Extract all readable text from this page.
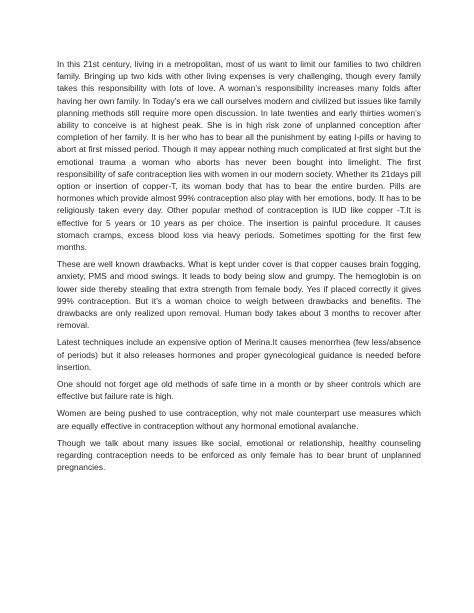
In this 21st century, living in a metropolitan, most of us want to limit our families to two children family. Bringing up two kids with other living expenses is very challenging, though every family takes this responsibility with lots of love. A woman’s responsibility increases many folds after having her own family. In Today’s era we call ourselves modern and civilized but issues like family planning methods still require more open discussion. In late twenties and early thirties women’s ability to conceive is at highest peak. She is in high risk zone of unplanned conception after completion of her family. It is her who has to bear all the punishment by eating I-pills or having to abort at first missed period. Though it may appear nothing much complicated at first sight but the emotional trauma a woman who aborts has never been bought into limelight. The first responsibility of safe contraception lies with women in our modern society. Whether its 21days pill option or insertion of copper-T, its woman body that has to bear the entire burden. Pills are hormones which provide almost 99% contraception also play with her emotions, body. It has to be religiously taken every day. Other popular method of contraception is IUD like copper -T.It is effective for 5 years or 10 years as per choice. The insertion is painful procedure. It causes stomach cramps, excess blood loss via heavy periods. Sometimes spotting for the first few months.

These are well known drawbacks. What is kept under cover is that copper causes brain fogging, anxiety, PMS and mood swings. It leads to body being slow and grumpy. The hemoglobin is on lower side thereby stealing that extra strength from female body. Yes if placed correctly it gives 99% contraception. But it’s a woman choice to weigh between drawbacks and benefits. The drawbacks are only realized upon removal. Human body takes about 3 months to recover after removal.

Latest techniques include an expensive option of Merina.It causes menorrhea (few less/absence of periods) but it also releases hormones and proper gynecological guidance is needed before insertion.

One should not forget age old methods of safe time in a month or by sheer controls which are effective but failure rate is high.

Women are being pushed to use contraception, why not male counterpart use measures which are equally effective in contraception without any hormonal emotional avalanche.

Though we talk about many issues like social, emotional or relationship, healthy counseling regarding contraception needs to be enforced as only female has to bear brunt of unplanned pregnancies.
